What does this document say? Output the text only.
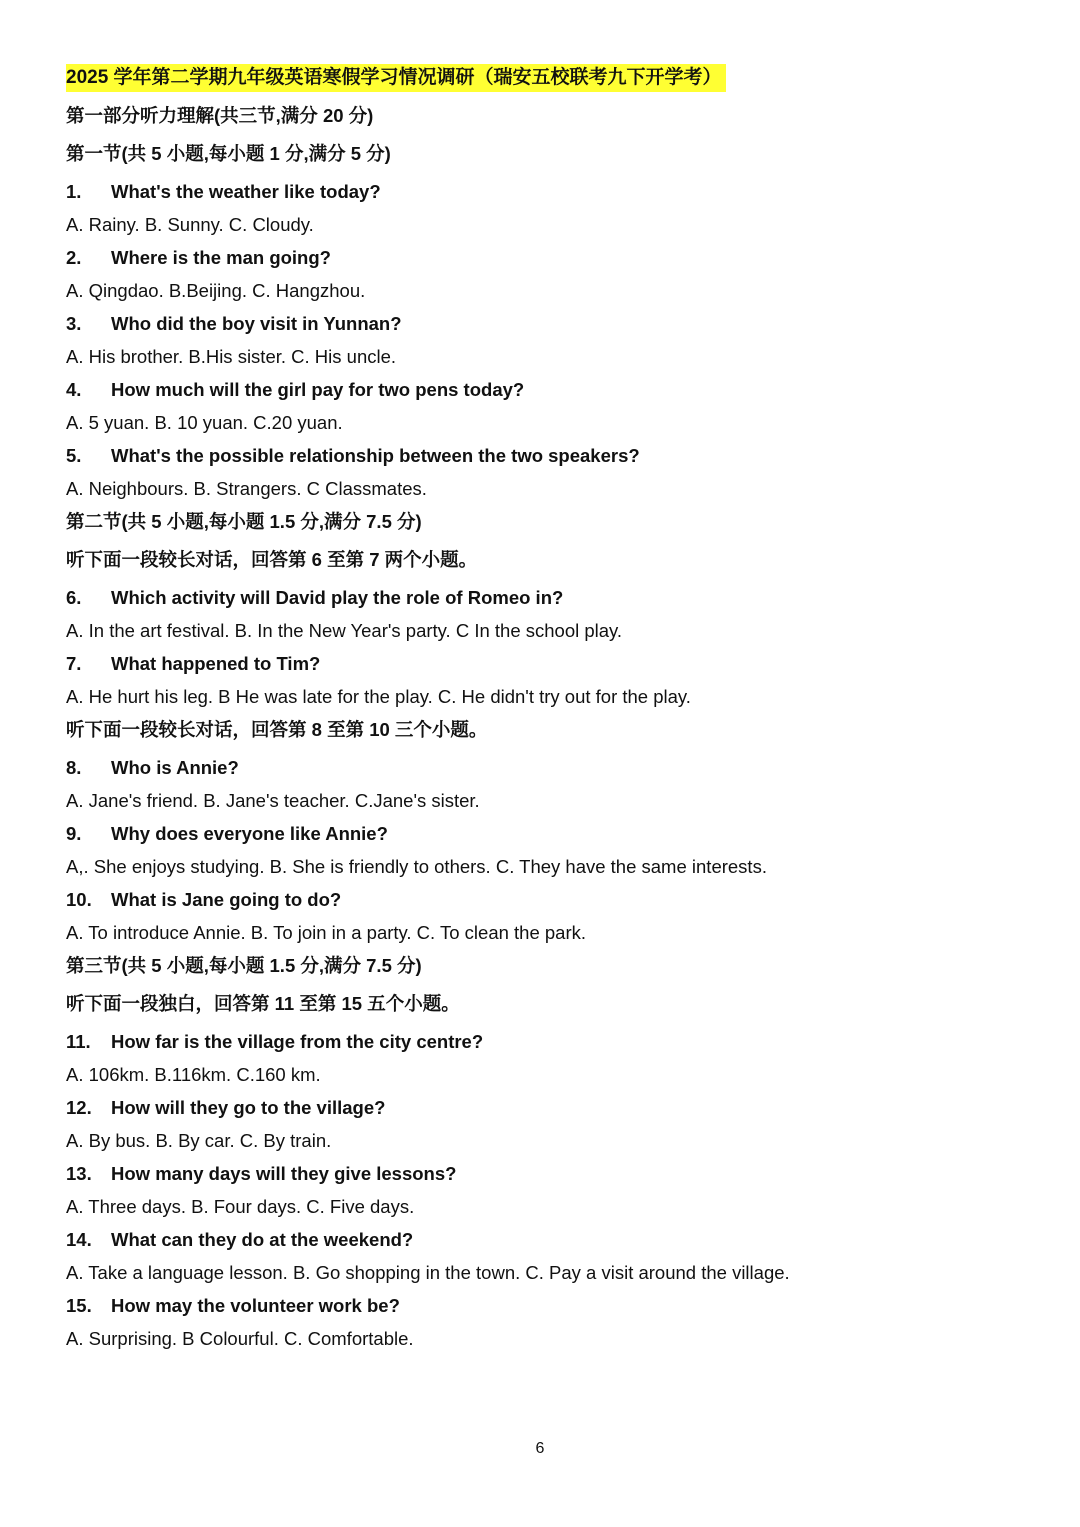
2025 学年第二学期九年级英语寒假学习情况调研（瑞安五校联考九下开学考）
第一部分听力理解(共三节,满分 20 分)
第一节(共 5 小题,每小题 1 分,满分 5 分)
1. What's the weather like today?
A. Rainy. B. Sunny. C. Cloudy.
2. Where is the man going?
A. Qingdao. B.Beijing. C. Hangzhou.
3. Who did the boy visit in Yunnan?
A. His brother. B.His sister. C. His uncle.
4. How much will the girl pay for two pens today?
A. 5 yuan. B. 10 yuan. C.20 yuan.
5. What's the possible relationship between the two speakers?
A. Neighbours. B. Strangers. C Classmates.
第二节(共 5 小题,每小题 1.5 分,满分 7.5 分)
听下面一段较长对话，回答第 6 至第 7 两个小题。
6. Which activity will David play the role of Romeo in?
A. In the art festival. B. In the New Year's party. C In the school play.
7. What happened to Tim?
A. He hurt his leg. B He was late for the play. C. He didn't try out for the play.
听下面一段较长对话，回答第 8 至第 10 三个小题。
8. Who is Annie?
A. Jane's friend. B. Jane's teacher. C.Jane's sister.
9. Why does everyone like Annie?
A,. She enjoys studying. B. She is friendly to others. C. They have the same interests.
10. What is Jane going to do?
A. To introduce Annie. B. To join in a party. C. To clean the park.
第三节(共 5 小题,每小题 1.5 分,满分 7.5 分)
听下面一段独白，回答第 11 至第 15 五个小题。
11. How far is the village from the city centre?
A. 106km. B.116km. C.160 km.
12. How will they go to the village?
A. By bus. B. By car. C. By train.
13. How many days will they give lessons?
A. Three days. B. Four days. C. Five days.
14. What can they do at the weekend?
A. Take a language lesson. B. Go shopping in the town. C. Pay a visit around the village.
15. How may the volunteer work be?
A. Surprising. B Colourful. C. Comfortable.
6
